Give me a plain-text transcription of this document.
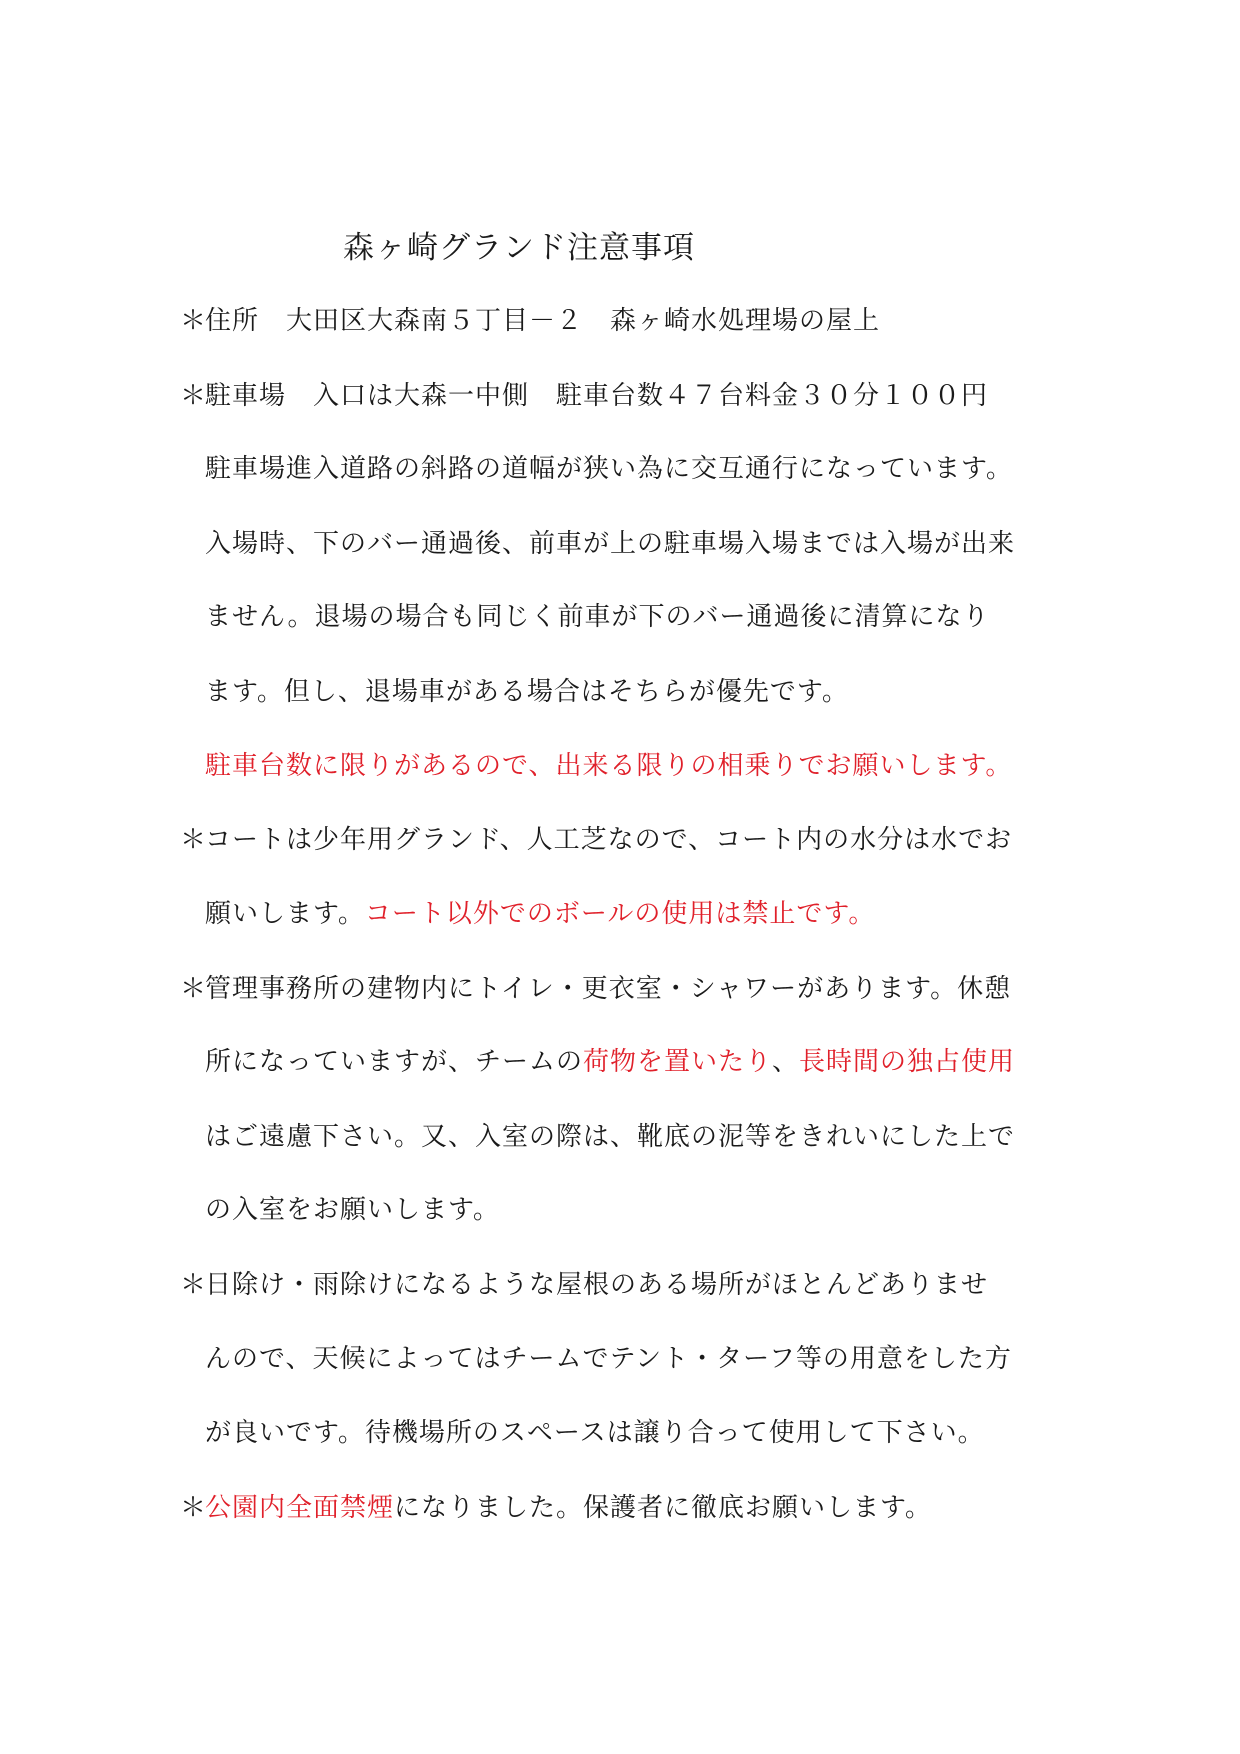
森ヶ崎グランド注意事項
＊住所　大田区大森南５丁目－２　森ヶ崎水処理場の屋上
＊駐車場　入口は大森一中側　駐車台数４７台料金３０分１００円
駐車場進入道路の斜路の道幅が狭い為に交互通行になっています。
入場時、下のバー通過後、前車が上の駐車場入場までは入場が出来
ません。退場の場合も同じく前車が下のバー通過後に清算になり
ます。但し、退場車がある場合はそちらが優先です。
駐車台数に限りがあるので、出来る限りの相乗りでお願いします。
＊コートは少年用グランド、人工芝なので、コート内の水分は水でお
願いします。コート以外でのボールの使用は禁止です。
＊管理事務所の建物内にトイレ・更衣室・シャワーがあります。休憩
所になっていますが、チームの荷物を置いたり、長時間の独占使用
はご遠慮下さい。又、入室の際は、靴底の泥等をきれいにした上で
の入室をお願いします。
＊日除け・雨除けになるような屋根のある場所がほとんどありませ
んので、天候によってはチームでテント・ターフ等の用意をした方
が良いです。待機場所のスペースは譲り合って使用して下さい。
＊公園内全面禁煙になりました。保護者に徹底お願いします。
